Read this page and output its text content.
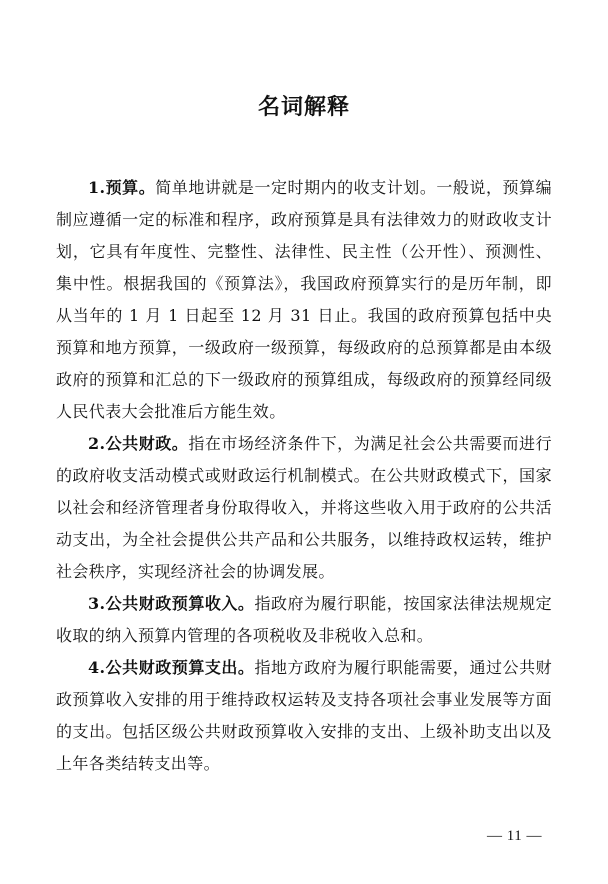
名词解释

1.预算。简单地讲就是一定时期内的收支计划。一般说，预算编制应遵循一定的标准和程序，政府预算是具有法律效力的财政收支计划，它具有年度性、完整性、法律性、民主性（公开性）、预测性、集中性。根据我国的《预算法》，我国政府预算实行的是历年制，即从当年的 1 月 1 日起至 12 月 31 日止。我国的政府预算包括中央预算和地方预算，一级政府一级预算，每级政府的总预算都是由本级政府的预算和汇总的下一级政府的预算组成，每级政府的预算经同级人民代表大会批准后方能生效。

2.公共财政。指在市场经济条件下，为满足社会公共需要而进行的政府收支活动模式或财政运行机制模式。在公共财政模式下，国家以社会和经济管理者身份取得收入，并将这些收入用于政府的公共活动支出，为全社会提供公共产品和公共服务，以维持政权运转，维护社会秩序，实现经济社会的协调发展。

3.公共财政预算收入。指政府为履行职能，按国家法律法规规定收取的纳入预算内管理的各项税收及非税收入总和。

4.公共财政预算支出。指地方政府为履行职能需要，通过公共财政预算收入安排的用于维持政权运转及支持各项社会事业发展等方面的支出。包括区级公共财政预算收入安排的支出、上级补助支出以及上年各类结转支出等。

— 11 —
